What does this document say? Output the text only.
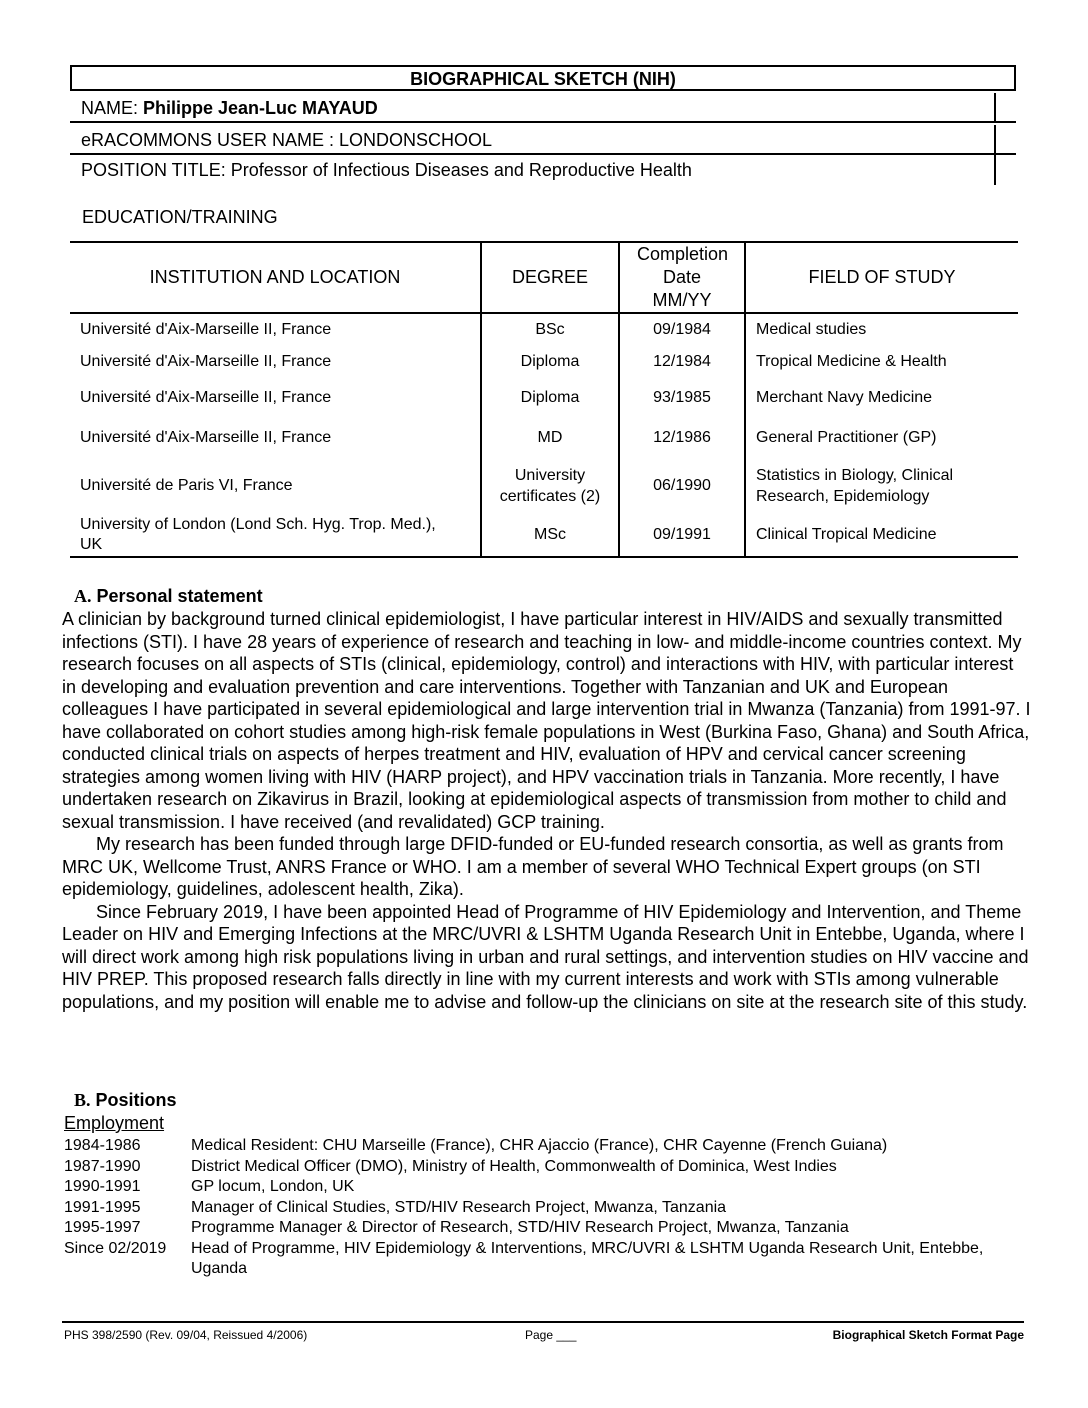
BIOGRAPHICAL SKETCH (NIH)
NAME: Philippe Jean-Luc MAYAUD
eRACOMMONS USER NAME : LONDONSCHOOL
POSITION TITLE: Professor of Infectious Diseases and Reproductive Health
EDUCATION/TRAINING
INSTITUTION AND LOCATION	DEGREE	Completion Date MM/YY	FIELD OF STUDY
Université d'Aix-Marseille II, France	BSc	09/1984	Medical studies
Université d'Aix-Marseille II, France	Diploma	12/1984	Tropical Medicine & Health
Université d'Aix-Marseille II, France	Diploma	93/1985	Merchant Navy Medicine
Université d'Aix-Marseille II, France	MD	12/1986	General Practitioner (GP)
Université de Paris VI, France	University certificates (2)	06/1990	Statistics in Biology, Clinical Research, Epidemiology

University of London (Lond Sch. Hyg. Trop. Med.), UK	MSc	09/1991	Clinical Tropical Medicine
A. Personal statement

A clinician by background turned clinical epidemiologist, I have particular interest in HIV/AIDS and sexually transmitted infections (STI). I have 28 years of experience of research and teaching in low- and middle-income countries context. My research focuses on all aspects of STIs (clinical, epidemiology, control) and interactions with HIV, with particular interest in developing and evaluation prevention and care interventions. Together with Tanzanian and UK and European colleagues I have participated in several epidemiological and large intervention trial in Mwanza (Tanzania) from 1991-97. I have collaborated on cohort studies among high-risk female populations in West (Burkina Faso, Ghana) and South Africa, conducted clinical trials on aspects of herpes treatment and HIV, evaluation of HPV and cervical cancer screening strategies among women living with HIV (HARP project), and HPV vaccination trials in Tanzania. More recently, I have undertaken research on Zikavirus in Brazil, looking at epidemiological aspects of transmission from mother to child and sexual transmission. I have received (and revalidated) GCP training.

My research has been funded through large DFID-funded or EU-funded research consortia, as well as grants from MRC UK, Wellcome Trust, ANRS France or WHO. I am a member of several WHO Technical Expert groups (on STI epidemiology, guidelines, adolescent health, Zika).

Since February 2019, I have been appointed Head of Programme of HIV Epidemiology and Intervention, and Theme Leader on HIV and Emerging Infections at the MRC/UVRI & LSHTM Uganda Research Unit in Entebbe, Uganda, where I will direct work among high risk populations living in urban and rural settings, and intervention studies on HIV vaccine and HIV PREP. This proposed research falls directly in line with my current interests and work with STIs among vulnerable populations, and my position will enable me to advise and follow-up the clinicians on site at the research site of this study.

B. Positions
Employment
1984-1986	Medical Resident: CHU Marseille (France), CHR Ajaccio (France), CHR Cayenne (French Guiana)
1987-1990	District Medical Officer (DMO), Ministry of Health, Commonwealth of Dominica, West Indies
1990-1991	GP locum, London, UK
1991-1995	Manager of Clinical Studies, STD/HIV Research Project, Mwanza, Tanzania
1995-1997	Programme Manager & Director of Research, STD/HIV Research Project, Mwanza, Tanzania
Since 02/2019	Head of Programme, HIV Epidemiology & Interventions, MRC/UVRI & LSHTM Uganda Research Unit, Entebbe, Uganda
PHS 398/2590 (Rev. 09/04, Reissued 4/2006)	Page ___	Biographical Sketch Format Page
